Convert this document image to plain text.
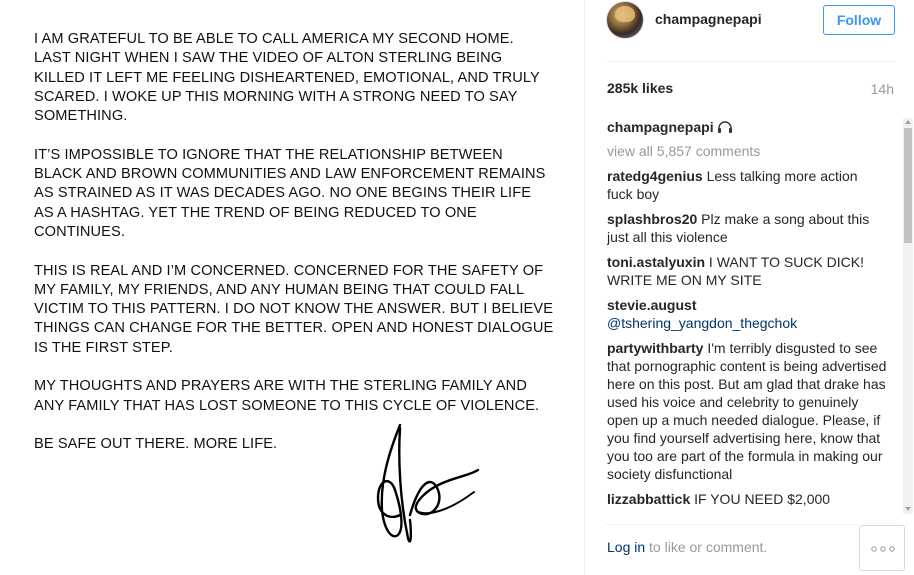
I AM GRATEFUL TO BE ABLE TO CALL AMERICA MY SECOND HOME. LAST NIGHT WHEN I SAW THE VIDEO OF ALTON STERLING BEING KILLED IT LEFT ME FEELING DISHEARTENED, EMOTIONAL, AND TRULY SCARED. I WOKE UP THIS MORNING WITH A STRONG NEED TO SAY SOMETHING.

IT’S IMPOSSIBLE TO IGNORE THAT THE RELATIONSHIP BETWEEN BLACK AND BROWN COMMUNITIES AND LAW ENFORCEMENT REMAINS AS STRAINED AS IT WAS DECADES AGO. NO ONE BEGINS THEIR LIFE AS A HASHTAG. YET THE TREND OF BEING REDUCED TO ONE CONTINUES.

THIS IS REAL AND I’M CONCERNED. CONCERNED FOR THE SAFETY OF MY FAMILY, MY FRIENDS, AND ANY HUMAN BEING THAT COULD FALL VICTIM TO THIS PATTERN. I DO NOT KNOW THE ANSWER. BUT I BELIEVE THINGS CAN CHANGE FOR THE BETTER. OPEN AND HONEST DIALOGUE IS THE FIRST STEP.

MY THOUGHTS AND PRAYERS ARE WITH THE STERLING FAMILY AND ANY FAMILY THAT HAS LOST SOMEONE TO THIS CYCLE OF VIOLENCE.

BE SAFE OUT THERE. MORE LIFE.

champagnepapi	Follow
285k likes	14h
champagnepapi
view all 5,857 comments
ratedg4genius Less talking more action fuck boy
splashbros20 Plz make a song about this just all this violence
toni.astalyuxin I WANT TO SUCK DICK! WRITE ME ON MY SITE
stevie.august @tshering_yangdon_thegchok
partywithbarty I'm terribly disgusted to see that pornographic content is being advertised here on this post. But am glad that drake has used his voice and celebrity to genuinely open up a much needed dialogue. Please, if you find yourself advertising here, know that you too are part of the formula in making our society disfunctional
lizzabbattick IF YOU NEED $2,000
Log in to like or comment.
